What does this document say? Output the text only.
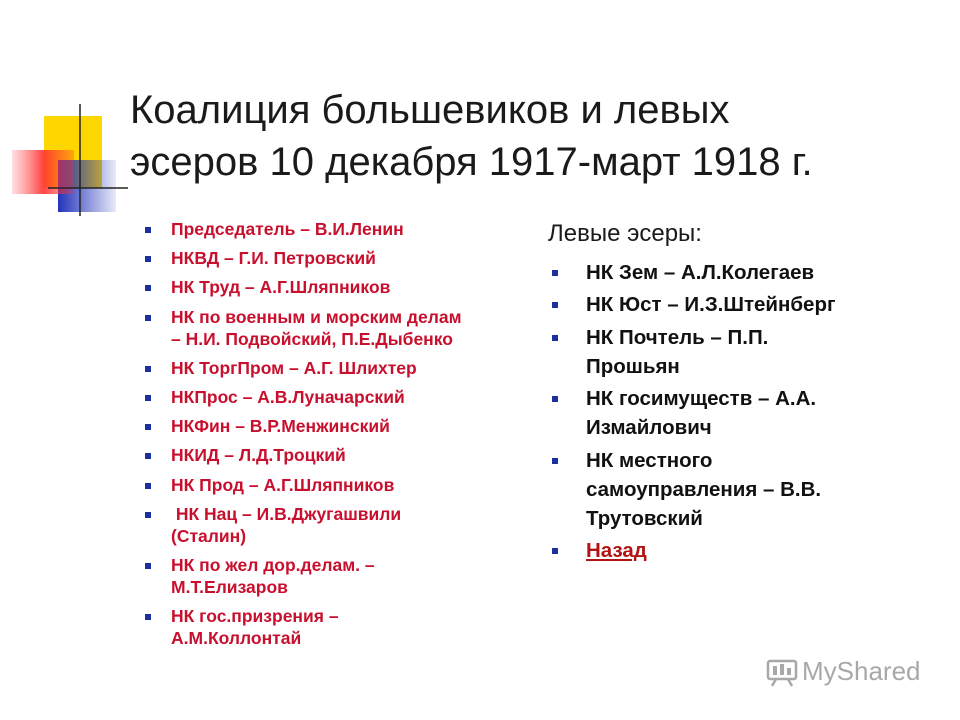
Коалиция большевиков и левых
эсеров 10 декабря 1917-март 1918 г.
Председатель – В.И.Ленин
НКВД – Г.И. Петровский
НК Труд – А.Г.Шляпников
НК по военным и морским делам
– Н.И. Подвойский, П.Е.Дыбенко
НК ТоргПром – А.Г. Шлихтер
НКПрос – А.В.Луначарский
НКФин – В.Р.Менжинский
НКИД – Л.Д.Троцкий
НК Прод – А.Г.Шляпников
НК Нац – И.В.Джугашвили
(Сталин)
НК по жел дор.делам. –
М.Т.Елизаров
НК гос.призрения –
А.М.Коллонтай
Левые эсеры:
НК Зем – А.Л.Колегаев
НК Юст – И.З.Штейнберг
НК Почтель – П.П.
Прошьян
НК госимуществ – А.А.
Измайлович
НК местного
самоуправления – В.В.
Трутовский
Назад
MyShared
